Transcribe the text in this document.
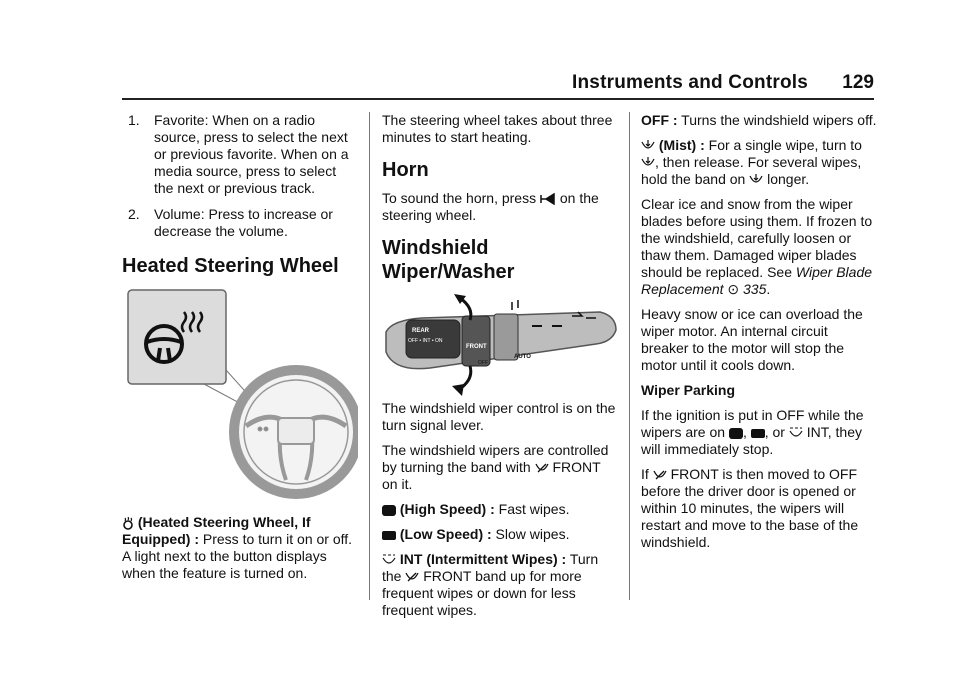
Instruments and Controls 129
1. Favorite: When on a radio source, press to select the next or previous favorite. When on a media source, press to select the next or previous track.
2. Volume: Press to increase or decrease the volume.
Heated Steering Wheel

(Heated Steering Wheel, If Equipped) : Press to turn it on or off. A light next to the button displays when the feature is turned on.

The steering wheel takes about three minutes to start heating.

Horn

To sound the horn, press on the steering wheel.

Windshield Wiper/Washer
REAR
OFF • INT • ON
FRONT
OFF
AUTO

The windshield wiper control is on the turn signal lever.

The windshield wipers are controlled by turning the band with FRONT on it.

(High Speed) : Fast wipes.

(Low Speed) : Slow wipes.

INT (Intermittent Wipes) : Turn the FRONT band up for more frequent wipes or down for less frequent wipes.

OFF : Turns the windshield wipers off.

(Mist) : For a single wipe, turn to , then release. For several wipes, hold the band on longer.

Clear ice and snow from the wiper blades before using them. If frozen to the windshield, carefully loosen or thaw them. Damaged wiper blades should be replaced. See Wiper Blade Replacement ⊙ 335.

Heavy snow or ice can overload the wiper motor. An internal circuit breaker to the motor will stop the motor until it cools down.

Wiper Parking

If the ignition is put in OFF while the wipers are on , , or INT, they will immediately stop.

If FRONT is then moved to OFF before the driver door is opened or within 10 minutes, the wipers will restart and move to the base of the windshield.
